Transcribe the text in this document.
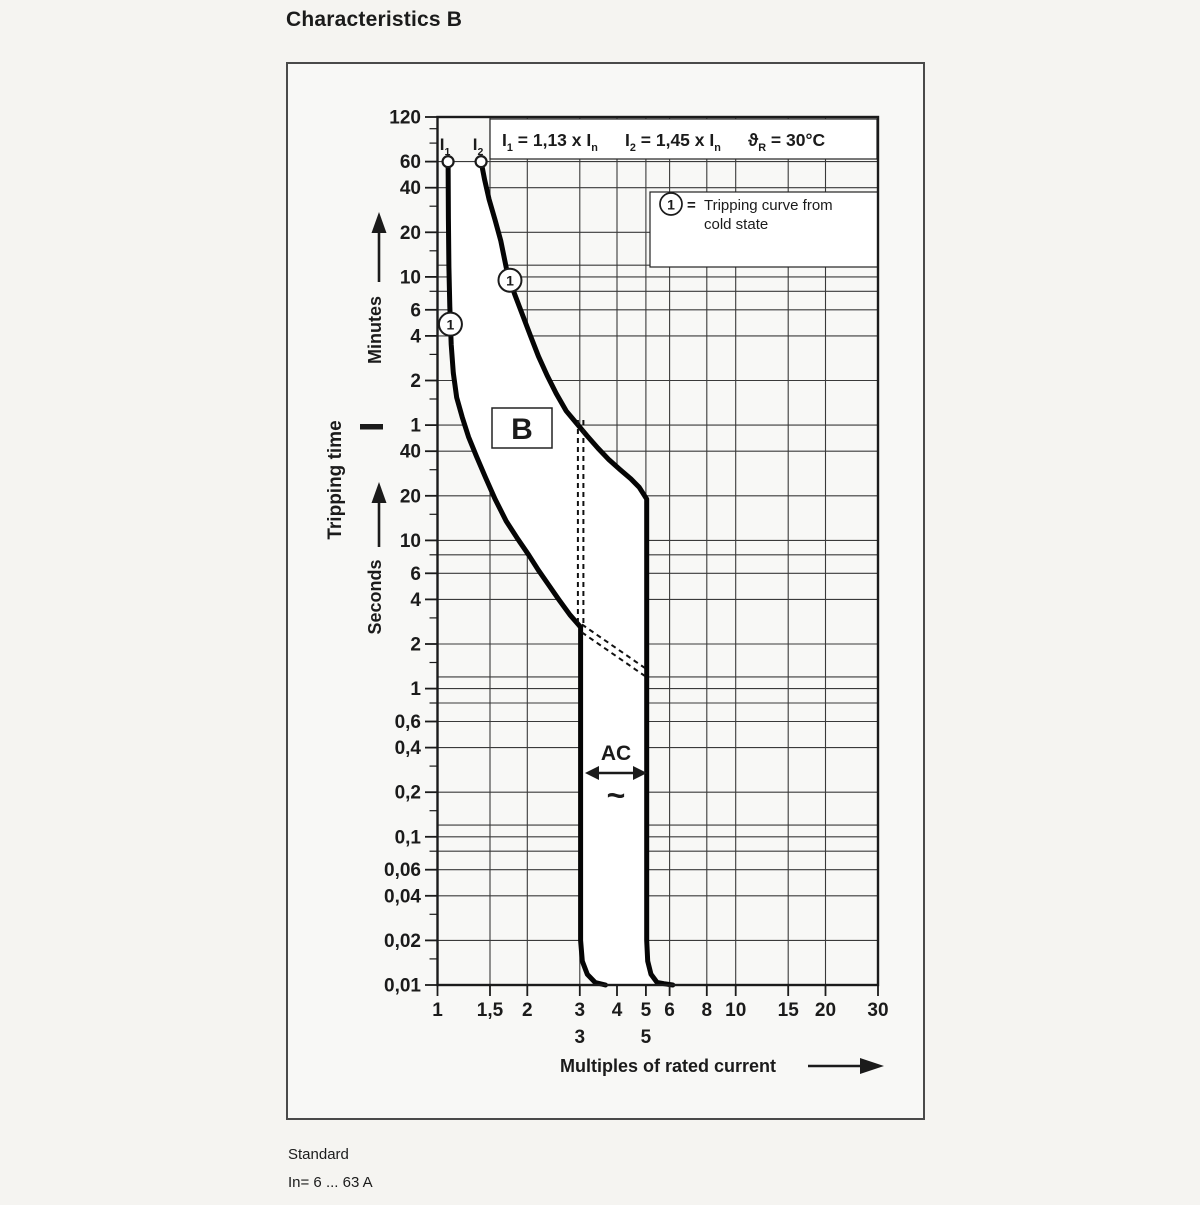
Characteristics B
$I_1 = 1,13$ x $I_n$ $I_2 = 1,45$ x $I_n$ $ϑ_R = 30^\circ C$
1 = Tripping curve from
cold state
$I_1$ $I_2$
1
1
B
AC
~
120
60
40
20
10
6
4
2
1
40
20
10
6
4
2
1
0,6
0,4
0,2
0,1
0,06
0,04
0,02
0,01
1 1,5 2 3 4 5 6 8 10 15 20 30
3	5
Multiples of rated current
Tripping time
Minutes
Seconds
Standard
In= 6 ... 63 A
